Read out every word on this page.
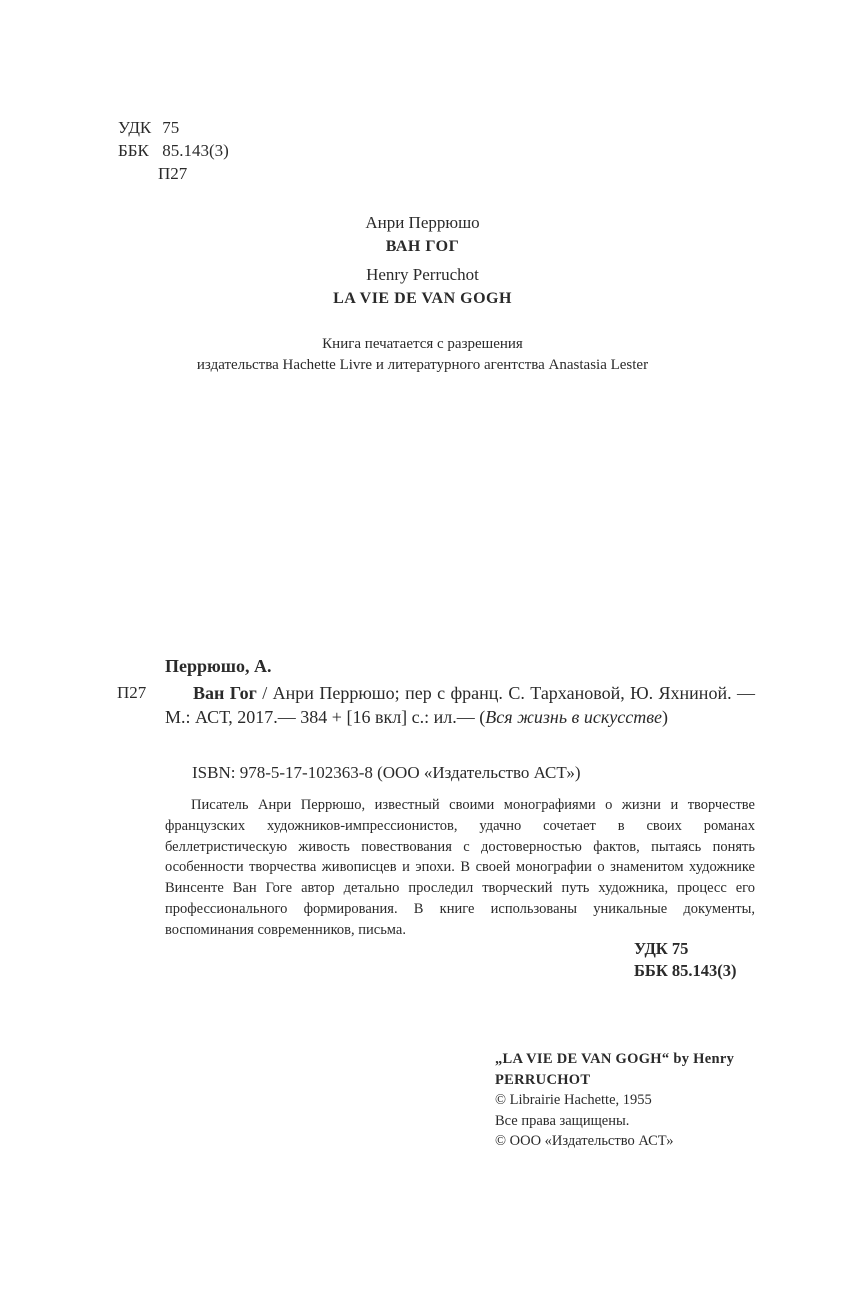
УДК 75
ББК 85.143(3)
П27
Анри Перрюшо
ВАН ГОГ
Henry Perruchot
LA VIE DE VAN GOGH
Книга печатается с разрешения
издательства Hachette Livre и литературного агентства Anastasia Lester
Перрюшо, А.
П27	Ван Гог / Анри Перрюшо; пер с франц. С. Тархановой, Ю. Яхниной. — М.: АСТ, 2017.— 384 + [16 вкл] с.: ил.— (Вся жизнь в искусстве)
ISBN: 978-5-17-102363-8 (ООО «Издательство АСТ»)
Писатель Анри Перрюшо, известный своими монографиями о жизни и творчестве французских художников-импрессионистов, удачно сочетает в своих романах беллетристическую живость повествования с достоверностью фактов, пытаясь понять особенности творчества живописцев и эпохи. В своей монографии о знаменитом художнике Винсенте Ван Гоге автор детально проследил творческий путь художника, процесс его профессионального формирования. В книге использованы уникальные документы, воспоминания современников, письма.
УДК 75
ББК 85.143(3)
„LA VIE DE VAN GOGH“ by Henry PERRUCHOT
© Librairie Hachette, 1955
Все права защищены.
© ООО «Издательство АСТ»
